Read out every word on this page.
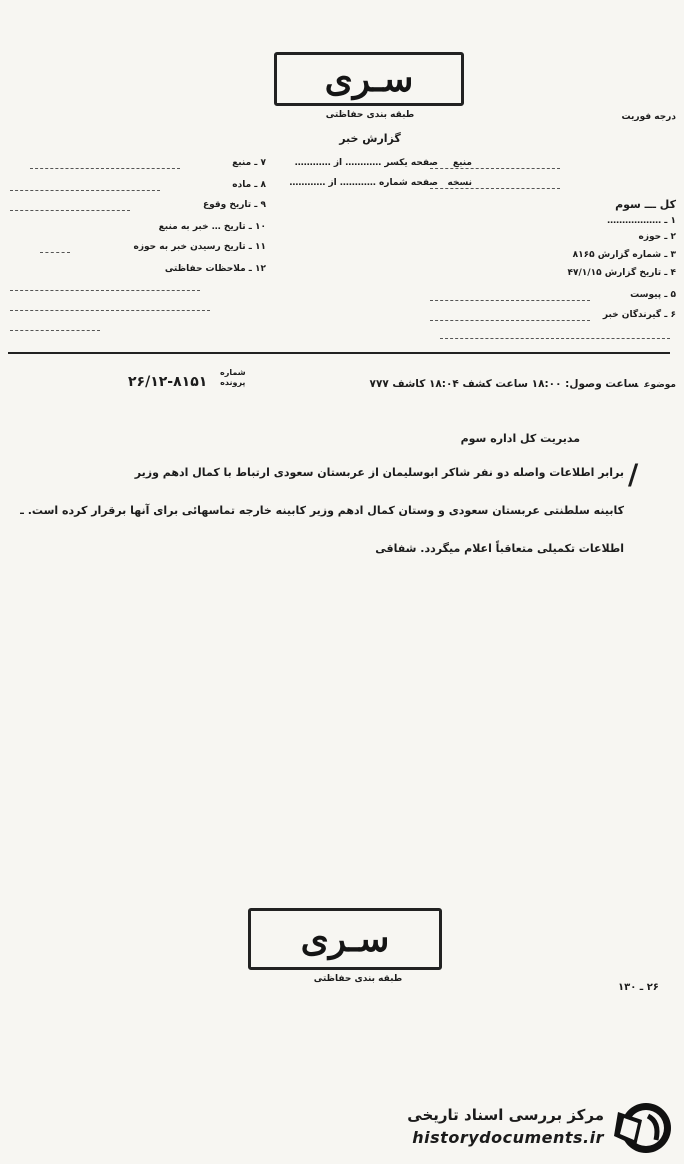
سـری
طبقه بندی حفاظتی
گزارش خبر
درجه فوریت
منبع
صفحه یکسر ………… از …………
نسخه
صفحه شماره ………… از …………
کل ـــ سوم
۱ ـ ………………
۲ ـ حوزه
۳ ـ شماره گزارش ۸۱۶۵
۴ ـ تاریخ گزارش ۴۷/۱/۱۵
۵ ـ پیوست
۶ ـ گیرندگان خبر
۷ ـ منبع
۸ ـ ماده
۹ ـ تاریخ وقوع
۱۰ ـ تاریخ … خبر به منبع
۱۱ ـ تاریخ رسیدن خبر به حوزه
۱۲ ـ ملاحظات حفاظتی
موضوعساعت وصول: ۱۸:۰۰ ساعت کشف ۱۸:۰۴ کاشف ۷۷۷
شماره
پرونده
۲۶/۱۲-۸۱۵۱
مدیریت کل اداره سوم
/
برابر اطلاعات واصله دو نفر شاکر ابوسلیمان از عربستان سعودی ارتباط با کمال ادهم وزیر
کابینه سلطنتی عربستان سعودی و وستان کمال ادهم وزیر کابینه خارجه تماسهائی برای آنها برقرار کرده است. ـ
اطلاعات تکمیلی متعاقباً اعلام میگردد. شفاقی
سـری
طبقه بندی حفاظتی
۲۶ ـ ۱۳۰
مرکز بررسی اسناد تاریخی
historydocuments.ir
